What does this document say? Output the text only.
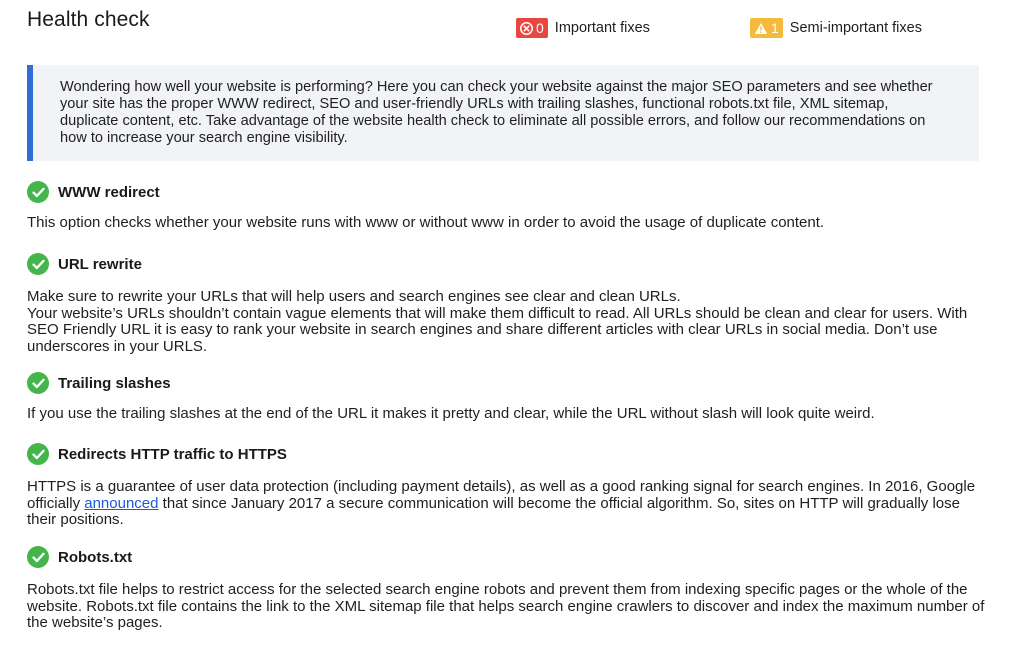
Health check	0 Important fixes	1 Semi-important fixes

Wondering how well your website is performing? Here you can check your website against the major SEO parameters and see whether your site has the proper WWW redirect, SEO and user-friendly URLs with trailing slashes, functional robots.txt file, XML sitemap, duplicate content, etc. Take advantage of the website health check to eliminate all possible errors, and follow our recommendations on how to increase your search engine visibility.

WWW redirect

This option checks whether your website runs with www or without www in order to avoid the usage of duplicate content.

URL rewrite

Make sure to rewrite your URLs that will help users and search engines see clear and clean URLs.

Your website’s URLs shouldn’t contain vague elements that will make them difficult to read. All URLs should be clean and clear for users. With SEO Friendly URL it is easy to rank your website in search engines and share different articles with clear URLs in social media. Don’t use underscores in your URLS.

Trailing slashes

If you use the trailing slashes at the end of the URL it makes it pretty and clear, while the URL without slash will look quite weird.

Redirects HTTP traffic to HTTPS

HTTPS is a guarantee of user data protection (including payment details), as well as a good ranking signal for search engines. In 2016, Google officially announced that since January 2017 a secure communication will become the official algorithm. So, sites on HTTP will gradually lose their positions.

Robots.txt

Robots.txt file helps to restrict access for the selected search engine robots and prevent them from indexing specific pages or the whole of the website. Robots.txt file contains the link to the XML sitemap file that helps search engine crawlers to discover and index the maximum number of the website’s pages.
